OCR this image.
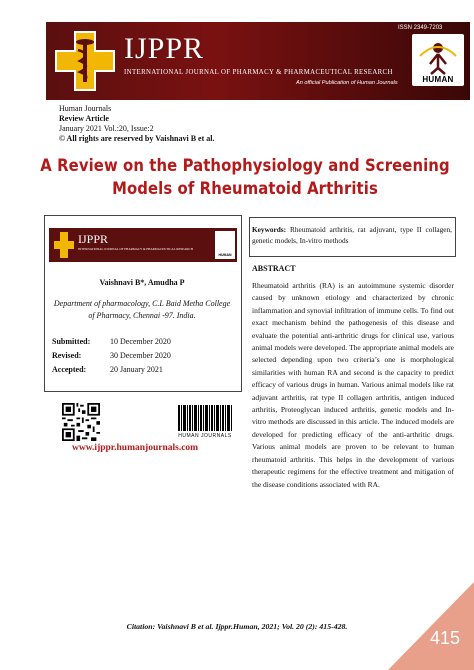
IJPPR
INTERNATIONAL JOURNAL OF PHARMACY & PHARMACEUTICAL RESEARCH
An official Publication of Human Journals
ISSN 2349-7203
HUMAN
Human Journals
Review Article
January 2021 Vol.:20, Issue:2
© All rights are reserved by Vaishnavi B et al.
A Review on the Pathophysiology and Screening Models of Rheumatoid Arthritis
IJPPR
INTERNATIONAL JOURNAL OF PHARMACY & PHARMACEUTICAL RESEARCH
HUMAN
Vaishnavi B*, Amudha P
Department of pharmacology, C.L Baid Metha College of Pharmacy, Chennai -97. India.
Submitted: 10 December 2020
Revised:	30 December 2020
Accepted:	20 January 2021
HUMAN JOURNALS
www.ijppr.humanjournals.com
Keywords: Rheumatoid arthritis, rat adjuvant, type II collagen, genetic models, In-vitro methods
ABSTRACT
Rheumatoid arthritis (RA) is an autoimmune systemic disorder caused by unknown etiology and characterized by chronic inflammation and synovial infiltration of immune cells. To find out exact mechanism behind the pathogenesis of this disease and evaluate the potential anti-arthritic drugs for clinical use, various animal models were developed. The appropriate animal models are selected depending upon two criteria’s one is morphological similarities with human RA and second is the capacity to predict efficacy of various drugs in human. Various animal models like rat adjuvant arthritis, rat type II collagen arthritis, antigen induced arthritis, Proteoglycan induced arthritis, genetic models and In-vitro methods are discussed in this article. The induced models are developed for predicting efficacy of the anti-arthritic drugs. Various animal models are proven to be relevant to human rheumatoid arthritis. This helps in the development of various therapeutic regimens for the effective treatment and mitigation of the disease conditions associated with RA.
Citation: Vaishnavi B et al. Ijppr.Human, 2021; Vol. 20 (2): 415-428.
415
